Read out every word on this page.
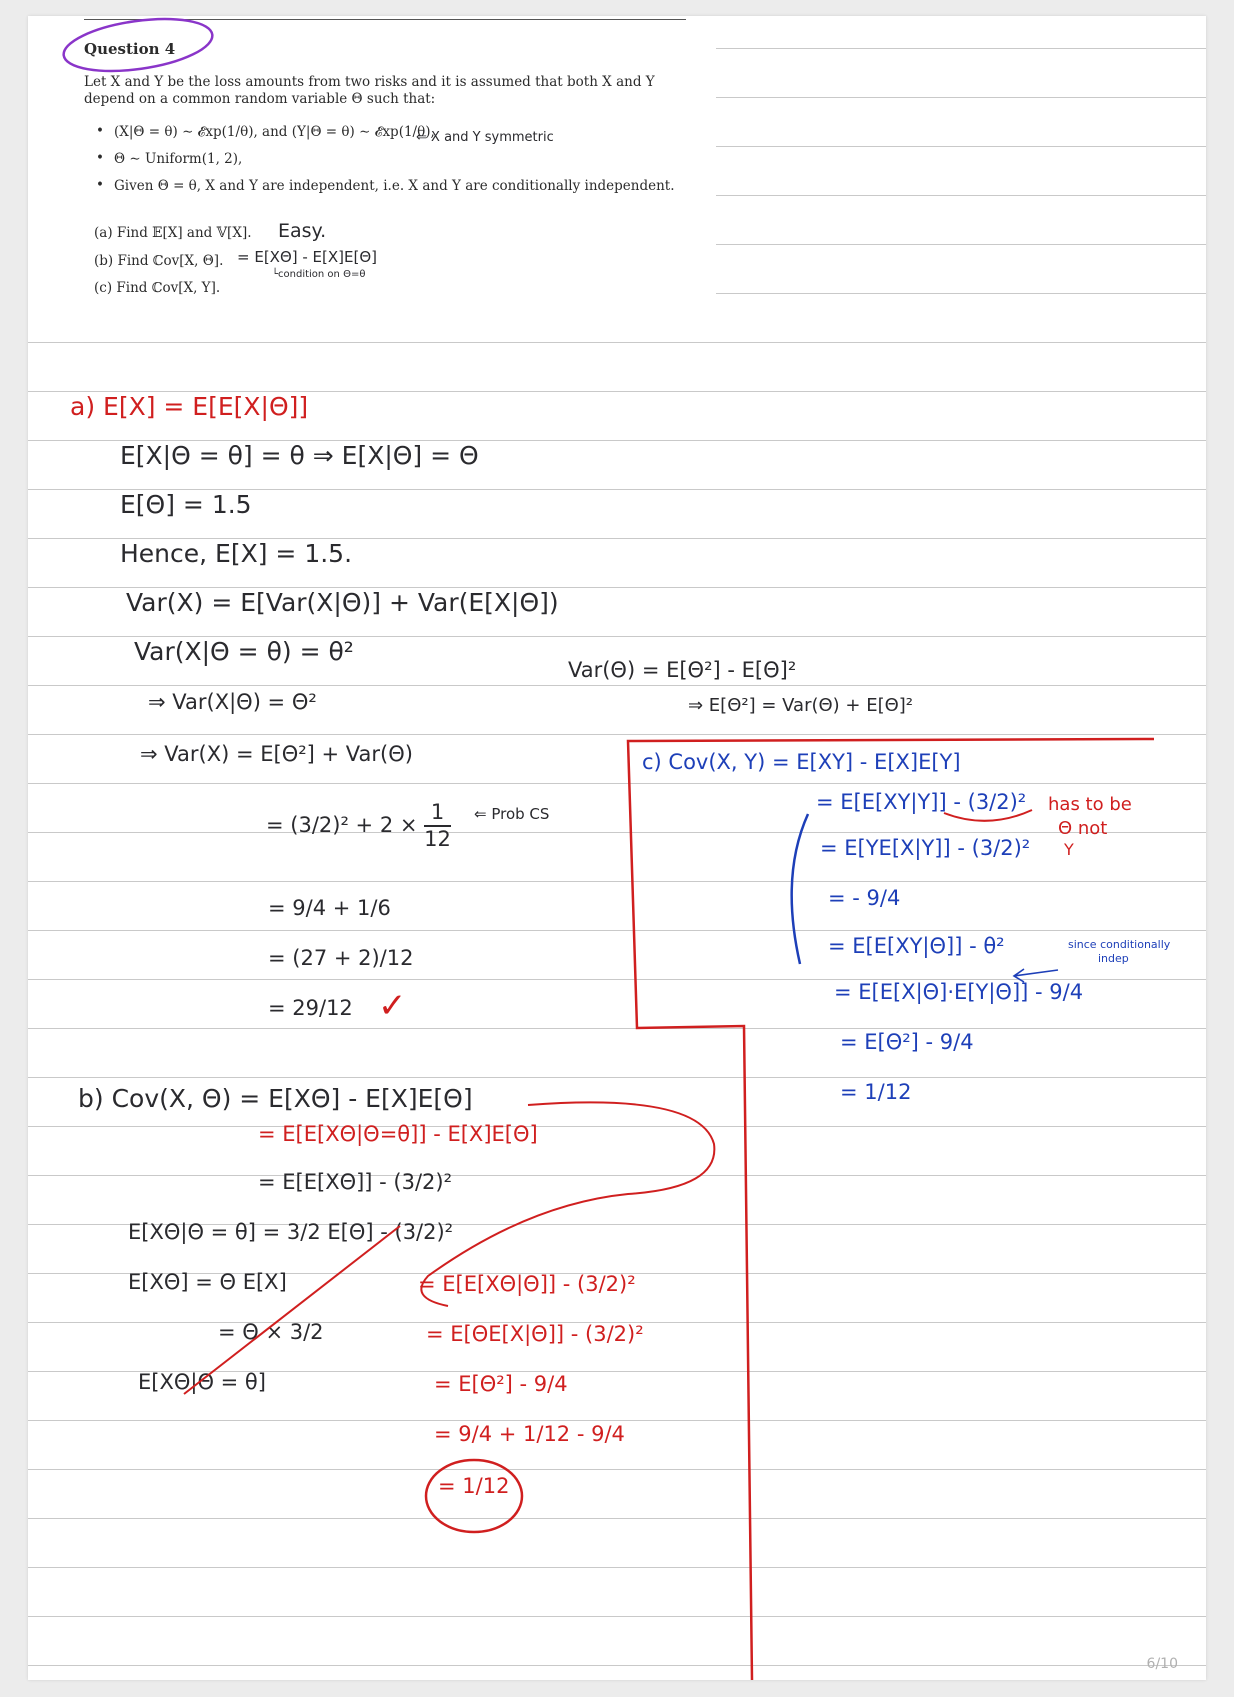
Question 4
Let X and Y be the loss amounts from two risks and it is assumed that both X and Y depend on a common random variable Θ such that:
• (X|Θ = θ) ∼ 𝓔xp(1/θ), and (Y|Θ = θ) ∼ 𝓔xp(1/θ),
• Θ ∼ Uniform(1, 2),
• Given Θ = θ, X and Y are independent, i.e. X and Y are conditionally independent.
(a) Find 𝔼[X] and 𝕍[X].
(b) Find ℂov[X, Θ].
(c) Find ℂov[X, Y].
⇐ X and Y symmetric
Easy.
= E[XΘ] - E[X]E[Θ]
└condition on Θ=θ
a) E[X] = E[E[X|Θ]]
E[X|Θ = θ] = θ ⇒ E[X|Θ] = Θ
E[Θ] = 1.5
Hence, E[X] = 1.5.
Var(X) = E[Var(X|Θ)] + Var(E[X|Θ])
Var(X|Θ = θ) = θ²
⇒ Var(X|Θ) = Θ²
⇒ Var(X) = E[Θ²] + Var(Θ)
Var(Θ) = E[Θ²] - E[Θ]²
⇒ E[Θ²] = Var(Θ) + E[Θ]²
= $(3/2)^2 + 2 \times \frac{1}{12}$ ⇐ Prob CS
= 9/4 + 1/6
= (27 + 2)/12
= 29/12 ✓
b) Cov(X, Θ) = E[XΘ] - E[X]E[Θ]
= E[E[XΘ]] - (3/2)²
E[XΘ|Θ = θ] = 3/2 E[Θ] - (3/2)²
E[XΘ] = Θ E[X]
= Θ × 3/2
E[XΘ|Θ = θ]
= E[E[XΘ|Θ=θ]] - E[X]E[Θ]
= E[E[XΘ|Θ]] - (3/2)²
= E[ΘE[X|Θ]] - (3/2)²
= E[Θ²] - 9/4
= 9/4 + 1/12 - 9/4
= 1/12
c) Cov(X, Y) = E[XY] - E[X]E[Y]
= E[E[XY|Y]] - (3/2)²
= E[YE[X|Y]] - (3/2)²
= - 9/4
= E[E[XY|Θ]] - θ²
= E[E[X|Θ]·E[Y|Θ]] - 9/4
= E[Θ²] - 9/4
= 1/12
has to be
Θ not
Y
since conditionally
indep
6/10
